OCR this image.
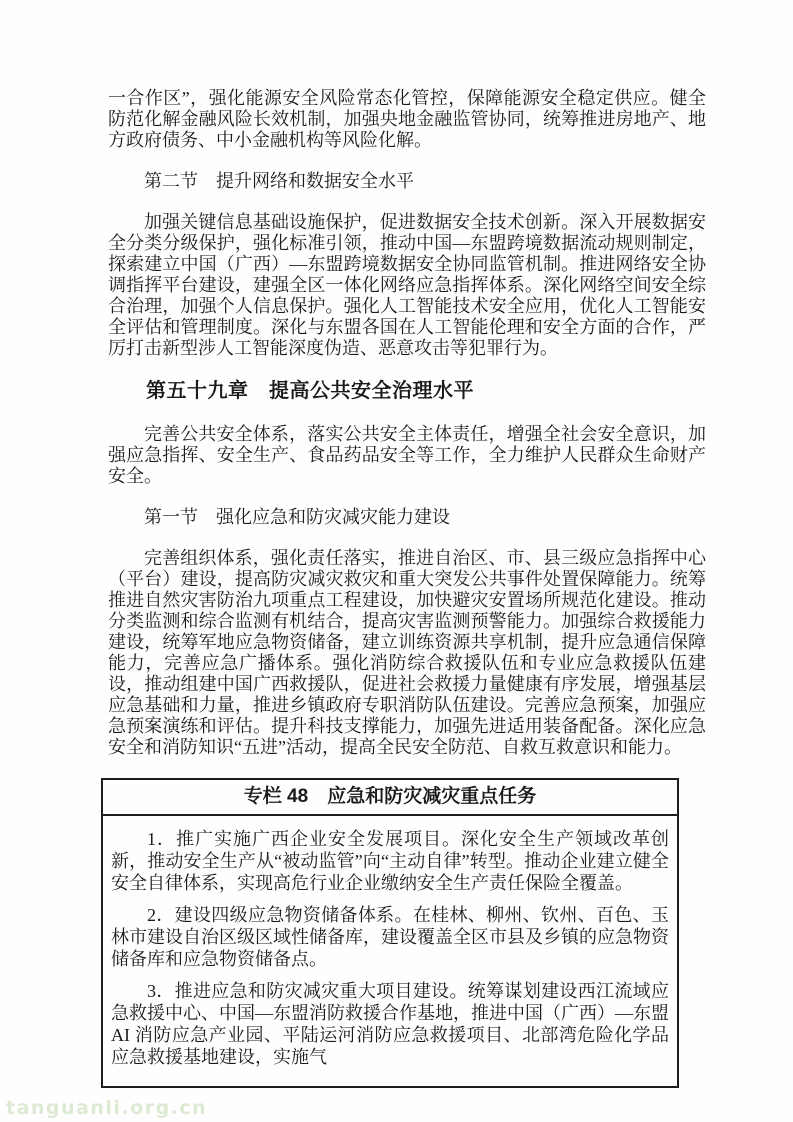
一合作区”，强化能源安全风险常态化管控，保障能源安全稳定供应。健全防范化解金融风险长效机制，加强央地金融监管协同，统筹推进房地产、地方政府债务、中小金融机构等风险化解。

第二节　提升网络和数据安全水平

加强关键信息基础设施保护，促进数据安全技术创新。深入开展数据安全分类分级保护，强化标准引领，推动中国—东盟跨境数据流动规则制定，探索建立中国（广西）—东盟跨境数据安全协同监管机制。推进网络安全协调指挥平台建设，建强全区一体化网络应急指挥体系。深化网络空间安全综合治理，加强个人信息保护。强化人工智能技术安全应用，优化人工智能安全评估和管理制度。深化与东盟各国在人工智能伦理和安全方面的合作，严厉打击新型涉人工智能深度伪造、恶意攻击等犯罪行为。

第五十九章　提高公共安全治理水平

完善公共安全体系，落实公共安全主体责任，增强全社会安全意识，加强应急指挥、安全生产、食品药品安全等工作，全力维护人民群众生命财产安全。

第一节　强化应急和防灾减灾能力建设

完善组织体系，强化责任落实，推进自治区、市、县三级应急指挥中心（平台）建设，提高防灾减灾救灾和重大突发公共事件处置保障能力。统筹推进自然灾害防治九项重点工程建设，加快避灾安置场所规范化建设。推动分类监测和综合监测有机结合，提高灾害监测预警能力。加强综合救援能力建设，统筹军地应急物资储备，建立训练资源共享机制，提升应急通信保障能力，完善应急广播体系。强化消防综合救援队伍和专业应急救援队伍建设，推动组建中国广西救援队，促进社会救援力量健康有序发展，增强基层应急基础和力量，推进乡镇政府专职消防队伍建设。完善应急预案，加强应急预案演练和评估。提升科技支撑能力，加强先进适用装备配备。深化应急安全和消防知识“五进”活动，提高全民安全防范、自救互救意识和能力。

专栏 48　应急和防灾减灾重点任务

1．推广实施广西企业安全发展项目。深化安全生产领域改革创新，推动安全生产从“被动监管”向“主动自律”转型。推动企业建立健全安全自律体系，实现高危行业企业缴纳安全生产责任保险全覆盖。

2．建设四级应急物资储备体系。在桂林、柳州、钦州、百色、玉林市建设自治区级区域性储备库，建设覆盖全区市县及乡镇的应急物资储备库和应急物资储备点。

3．推进应急和防灾减灾重大项目建设。统筹谋划建设西江流域应急救援中心、中国—东盟消防救援合作基地，推进中国（广西）—东盟 AI 消防应急产业园、平陆运河消防应急救援项目、北部湾危险化学品应急救援基地建设，实施气

tanguanli.org.cn
